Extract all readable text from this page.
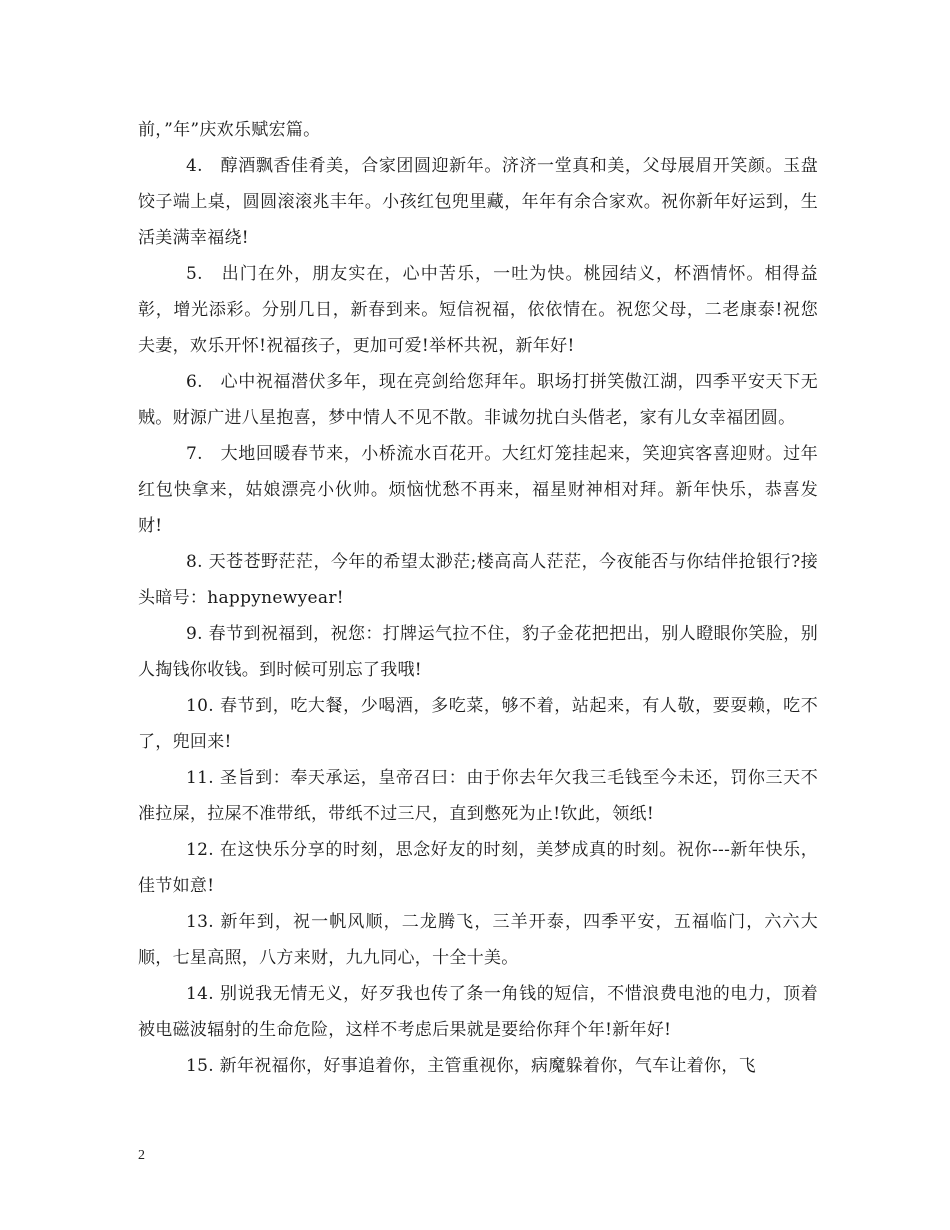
前，”年”庆欢乐赋宏篇。

4.　醇酒飘香佳肴美，合家团圆迎新年。济济一堂真和美，父母展眉开笑颜。玉盘饺子端上桌，圆圆滚滚兆丰年。小孩红包兜里藏，年年有余合家欢。祝你新年好运到，生活美满幸福绕!

5.　出门在外，朋友实在，心中苦乐，一吐为快。桃园结义，杯酒情怀。相得益彰，增光添彩。分别几日，新春到来。短信祝福，依依情在。祝您父母，二老康泰!祝您夫妻，欢乐开怀!祝福孩子，更加可爱!举杯共祝，新年好!

6.　心中祝福潜伏多年，现在亮剑给您拜年。职场打拼笑傲江湖，四季平安天下无贼。财源广进八星抱喜，梦中情人不见不散。非诚勿扰白头偕老，家有儿女幸福团圆。

7.　大地回暖春节来，小桥流水百花开。大红灯笼挂起来，笑迎宾客喜迎财。过年红包快拿来，姑娘漂亮小伙帅。烦恼忧愁不再来，福星财神相对拜。新年快乐，恭喜发财!

8. 天苍苍野茫茫，今年的希望太渺茫;楼高高人茫茫，今夜能否与你结伴抢银行?接头暗号：happynewyear!

9. 春节到祝福到，祝您：打牌运气拉不住，豹子金花把把出，别人瞪眼你笑脸，别人掏钱你收钱。到时候可别忘了我哦!

10. 春节到，吃大餐，少喝酒，多吃菜，够不着，站起来，有人敬，要耍赖，吃不了，兜回来!

11. 圣旨到：奉天承运，皇帝召曰：由于你去年欠我三毛钱至今未还，罚你三天不准拉屎，拉屎不准带纸，带纸不过三尺，直到憋死为止!钦此，领纸!

12. 在这快乐分享的时刻，思念好友的时刻，美梦成真的时刻。祝你---新年快乐，佳节如意!

13. 新年到，祝一帆风顺，二龙腾飞，三羊开泰，四季平安，五福临门，六六大顺，七星高照，八方来财，九九同心，十全十美。

14. 别说我无情无义，好歹我也传了条一角钱的短信，不惜浪费电池的电力，顶着被电磁波辐射的生命危险，这样不考虑后果就是要给你拜个年!新年好!

15. 新年祝福你，好事追着你，主管重视你，病魔躲着你，气车让着你，飞

2
